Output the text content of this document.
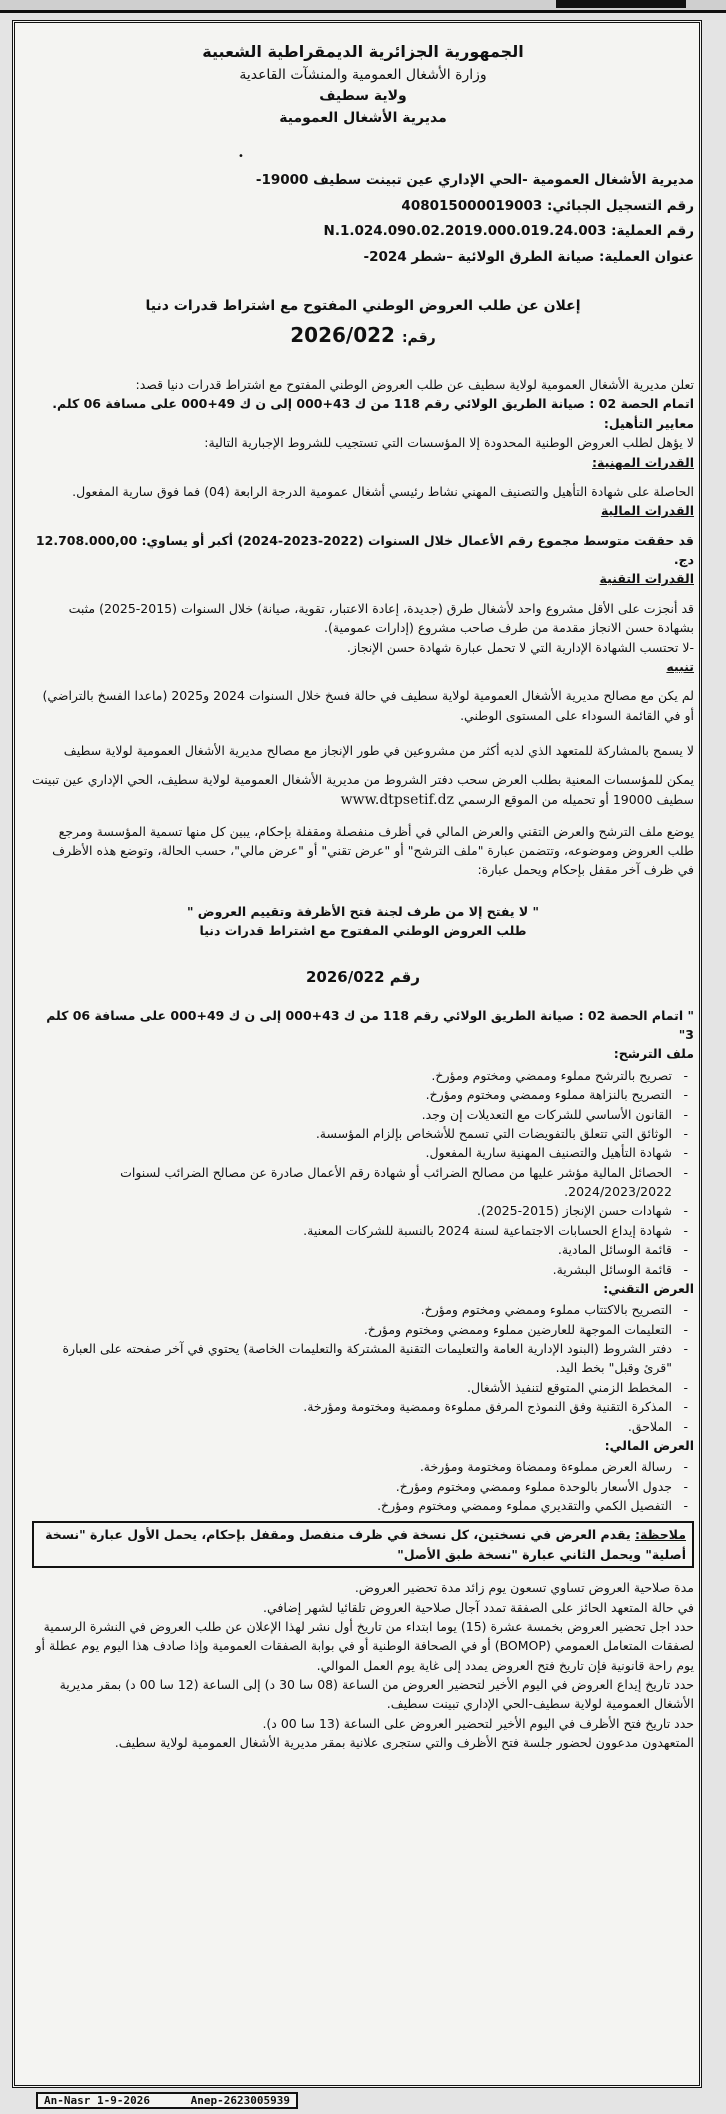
•
الجمهورية الجزائرية الديمقراطية الشعبية
وزارة الأشغال العمومية والمنشآت القاعدية
ولاية سطيف
مديرية الأشغال العمومية
مديرية الأشغال العمومية -الحي الإداري عين تبينت سطيف 19000-
رقم التسجيل الجبائي: 408015000019003
رقم العملية: N.1.024.090.02.2019.000.019.24.003
عنوان العملية: صيانة الطرق الولائية –شطر 2024-
إعلان عن طلب العروض الوطني المفتوح مع اشتراط قدرات دنيا
رقم: 2026/022

تعلن مديرية الأشغال العمومية لولاية سطيف عن طلب العروض الوطني المفتوح مع اشتراط قدرات دنيا قصد:

اتمام الحصة 02 : صيانة الطريق الولائي رقم 118 من ك 43+000 إلى ن ك 49+000 على مسافة 06 كلم.

معايير التأهيل:

لا يؤهل لطلب العروض الوطنية المحدودة إلا المؤسسات التي تستجيب للشروط الإجبارية التالية:

القدرات المهنية:

الحاصلة على شهادة التأهيل والتصنيف المهني نشاط رئيسي أشغال عمومية الدرجة الرابعة (04) فما فوق سارية المفعول.

القدرات المالية

قد حققت متوسط مجموع رقم الأعمال خلال السنوات (2022-2023-2024) أكبر أو يساوي: 12.708.000,00 دج.

القدرات التقنية

قد أنجزت على الأقل مشروع واحد لأشغال طرق (جديدة، إعادة الاعتبار، تقوية، صيانة) خلال السنوات (2015-2025) مثبت بشهادة حسن الانجاز مقدمة من طرف صاحب مشروع (إدارات عمومية).

-لا تحتسب الشهادة الإدارية التي لا تحمل عبارة شهادة حسن الإنجاز.

تنبيه

لم يكن مع مصالح مديرية الأشغال العمومية لولاية سطيف في حالة فسخ خلال السنوات 2024 و2025 (ماعدا الفسخ بالتراضي) أو في القائمة السوداء على المستوى الوطني.

لا يسمح بالمشاركة للمتعهد الذي لديه أكثر من مشروعين في طور الإنجاز مع مصالح مديرية الأشغال العمومية لولاية سطيف

يمكن للمؤسسات المعنية بطلب العرض سحب دفتر الشروط من مديرية الأشغال العمومية لولاية سطيف، الحي الإداري عين تبينت سطيف 19000 أو تحميله من الموقع الرسمي www.dtpsetif.dz

يوضع ملف الترشح والعرض التقني والعرض المالي في أظرف منفصلة ومقفلة بإحكام، يبين كل منها تسمية المؤسسة ومرجع طلب العروض وموضوعه، وتتضمن عبارة "ملف الترشح" أو "عرض تقني" أو "عرض مالي"، حسب الحالة، وتوضع هذه الأظرف في ظرف آخر مقفل بإحكام ويحمل عبارة:

" لا يفتح إلا من طرف لجنة فتح الأظرفة وتقييم العروض "

طلب العروض الوطني المفتوح مع اشتراط قدرات دنيا

رقم 2026/022

" اتمام الحصة 02 : صيانة الطريق الولائي رقم 118 من ك 43+000 إلى ن ك 49+000 على مسافة 06 كلم 3"

ملف الترشح:

- تصريح بالترشح مملوء وممضي ومختوم ومؤرخ.
- التصريح بالنزاهة مملوء وممضي ومختوم ومؤرخ.
- القانون الأساسي للشركات مع التعديلات إن وجد.
- الوثائق التي تتعلق بالتفويضات التي تسمح للأشخاص بإلزام المؤسسة.
- شهادة التأهيل والتصنيف المهنية سارية المفعول.
- الحصائل المالية مؤشر عليها من مصالح الضرائب أو شهادة رقم الأعمال صادرة عن مصالح الضرائب لسنوات 2024/2023/2022.
- شهادات حسن الإنجاز (2015-2025).
- شهادة إيداع الحسابات الاجتماعية لسنة 2024 بالنسبة للشركات المعنية.
- قائمة الوسائل المادية.
- قائمة الوسائل البشرية.

العرض التقني:

- التصريح بالاكتتاب مملوء وممضي ومختوم ومؤرخ.
- التعليمات الموجهة للعارضين مملوء وممضي ومختوم ومؤرخ.
- دفتر الشروط (البنود الإدارية العامة والتعليمات التقنية المشتركة والتعليمات الخاصة) يحتوي في آخر صفحته على العبارة "قرئ وقبل" بخط اليد.
- المخطط الزمني المتوقع لتنفيذ الأشغال.
- المذكرة التقنية وفق النموذج المرفق مملوءة وممضية ومختومة ومؤرخة.
- الملاحق.

العرض المالي:

- رسالة العرض مملوءة وممضاة ومختومة ومؤرخة.
- جدول الأسعار بالوحدة مملوء وممضي ومختوم ومؤرخ.
- التفصيل الكمي والتقديري مملوء وممضي ومختوم ومؤرخ.
ملاحظة: يقدم العرض في نسختين، كل نسخة في ظرف منفصل ومقفل بإحكام، يحمل الأول عبارة "نسخة أصلية" ويحمل الثاني عبارة "نسخة طبق الأصل"

مدة صلاحية العروض تساوي تسعون يوم زائد مدة تحضير العروض.

في حالة المتعهد الحائز على الصفقة تمدد آجال صلاحية العروض تلقائيا لشهر إضافي.

حدد اجل تحضير العروض بخمسة عشرة (15) يوما ابتداء من تاريخ أول نشر لهذا الإعلان عن طلب العروض في النشرة الرسمية لصفقات المتعامل العمومي (BOMOP) أو في الصحافة الوطنية أو في بوابة الصفقات العمومية وإذا صادف هذا اليوم يوم عطلة أو يوم راحة قانونية فإن تاريخ فتح العروض يمدد إلى غاية يوم العمل الموالي.

حدد تاريخ إيداع العروض في اليوم الأخير لتحضير العروض من الساعة (08 سا 30 د) إلى الساعة (12 سا 00 د) بمقر مديرية الأشغال العمومية لولاية سطيف-الحي الإداري تبينت سطيف.

حدد تاريخ فتح الأظرف في اليوم الأخير لتحضير العروض على الساعة (13 سا 00 د).

المتعهدون مدعوون لحضور جلسة فتح الأظرف والتي ستجرى علانية بمقر مديرية الأشغال العمومية لولاية سطيف.

An-Nasr 1-9-2026	Anep-2623005939
